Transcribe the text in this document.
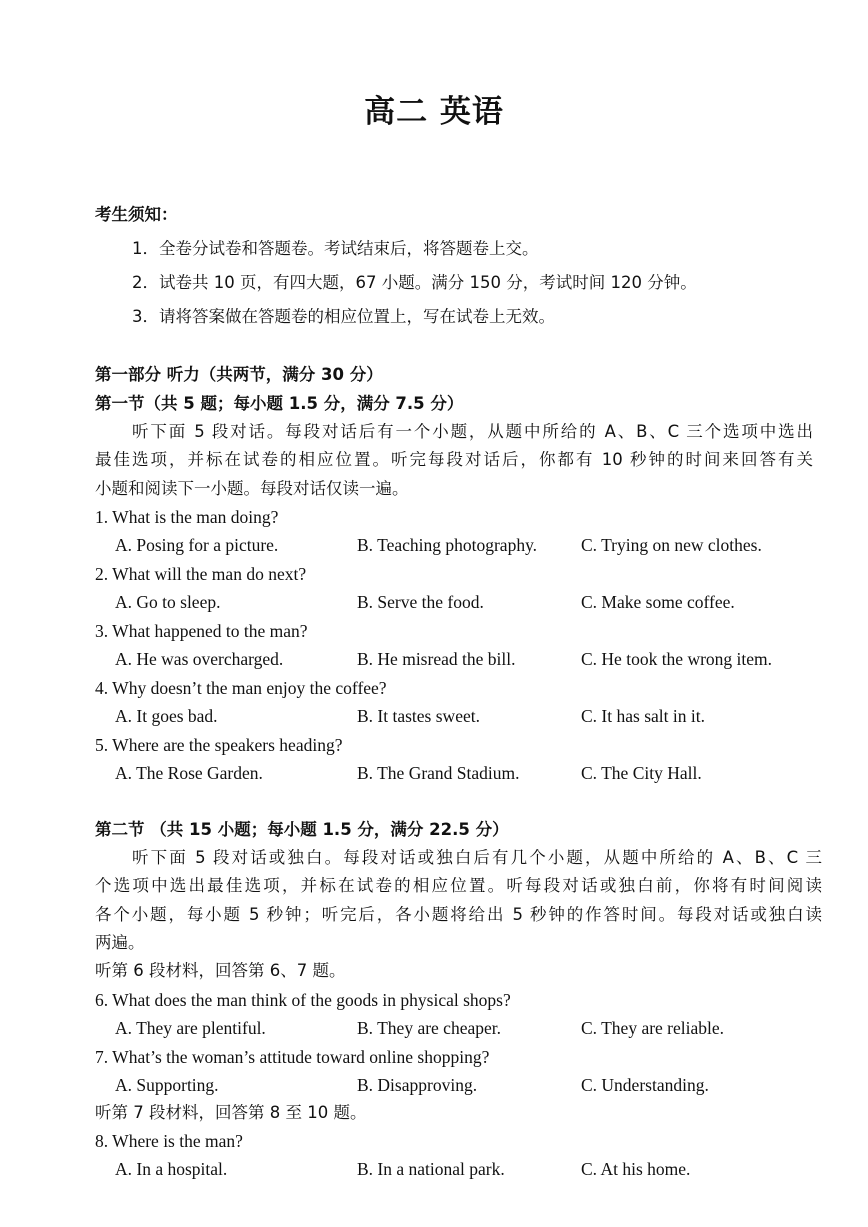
高二 英语
考生须知：
1．全卷分试卷和答题卷。考试结束后，将答题卷上交。
2．试卷共 10 页，有四大题，67 小题。满分 150 分，考试时间 120 分钟。
3．请将答案做在答题卷的相应位置上，写在试卷上无效。
第一部分 听力（共两节，满分 30 分）
第一节（共 5 题；每小题 1.5 分，满分 7.5 分）
听下面 5 段对话。每段对话后有一个小题，从题中所给的 A、B、C 三个选项中选出
最佳选项，并标在试卷的相应位置。听完每段对话后，你都有 10 秒钟的时间来回答有关
小题和阅读下一小题。每段对话仅读一遍。
1. What is the man doing?
A. Posing for a picture.	B. Teaching photography.	C. Trying on new clothes.
2. What will the man do next?
A. Go to sleep.	B. Serve the food.	C. Make some coffee.
3. What happened to the man?
A. He was overcharged.	B. He misread the bill.	C. He took the wrong item.
4. Why doesn’t the man enjoy the coffee?
A. It goes bad.	B. It tastes sweet.	C. It has salt in it.
5. Where are the speakers heading?
A. The Rose Garden.	B. The Grand Stadium.	C. The City Hall.
第二节 （共 15 小题；每小题 1.5 分，满分 22.5 分）
听下面 5 段对话或独白。每段对话或独白后有几个小题，从题中所给的 A、B、C 三
个选项中选出最佳选项，并标在试卷的相应位置。听每段对话或独白前，你将有时间阅读
各个小题，每小题 5 秒钟；听完后，各小题将给出 5 秒钟的作答时间。每段对话或独白读
两遍。
听第 6 段材料，回答第 6、7 题。
6. What does the man think of the goods in physical shops?
A. They are plentiful.	B. They are cheaper.	C. They are reliable.
7. What’s the woman’s attitude toward online shopping?
A. Supporting.	B. Disapproving.	C. Understanding.
听第 7 段材料，回答第 8 至 10 题。
8. Where is the man?
A. In a hospital.	B. In a national park.	C. At his home.
